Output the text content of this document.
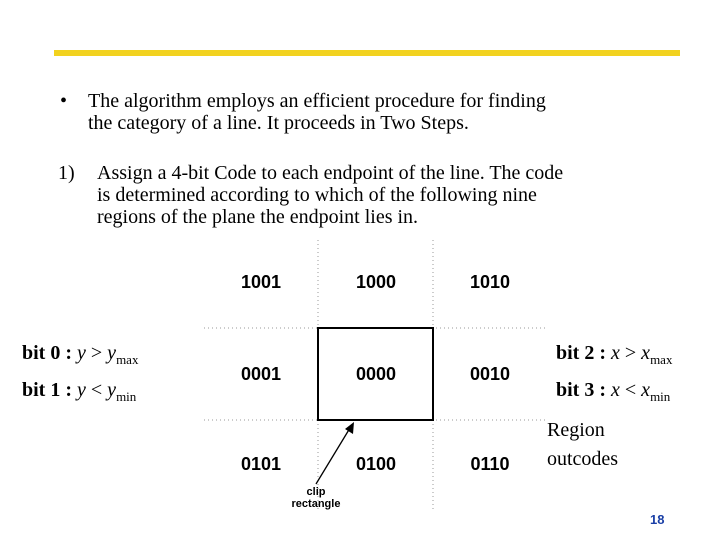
• The algorithm employs an efficient procedure for finding
the category of a line. It proceeds in Two Steps.
1) Assign a 4-bit Code to each endpoint of the line. The code
is determined according to which of the following nine
regions of the plane the endpoint lies in.
1001	1000	1010
0001	0000	0010
0101	0100	0110
bit 0 : $y > y_{max}$
bit 1 : $y < y_{min}$
bit 2 : $x > x_{max}$
bit 3 : $x < x_{min}$
Region
outcodes
clip
rectangle
18
